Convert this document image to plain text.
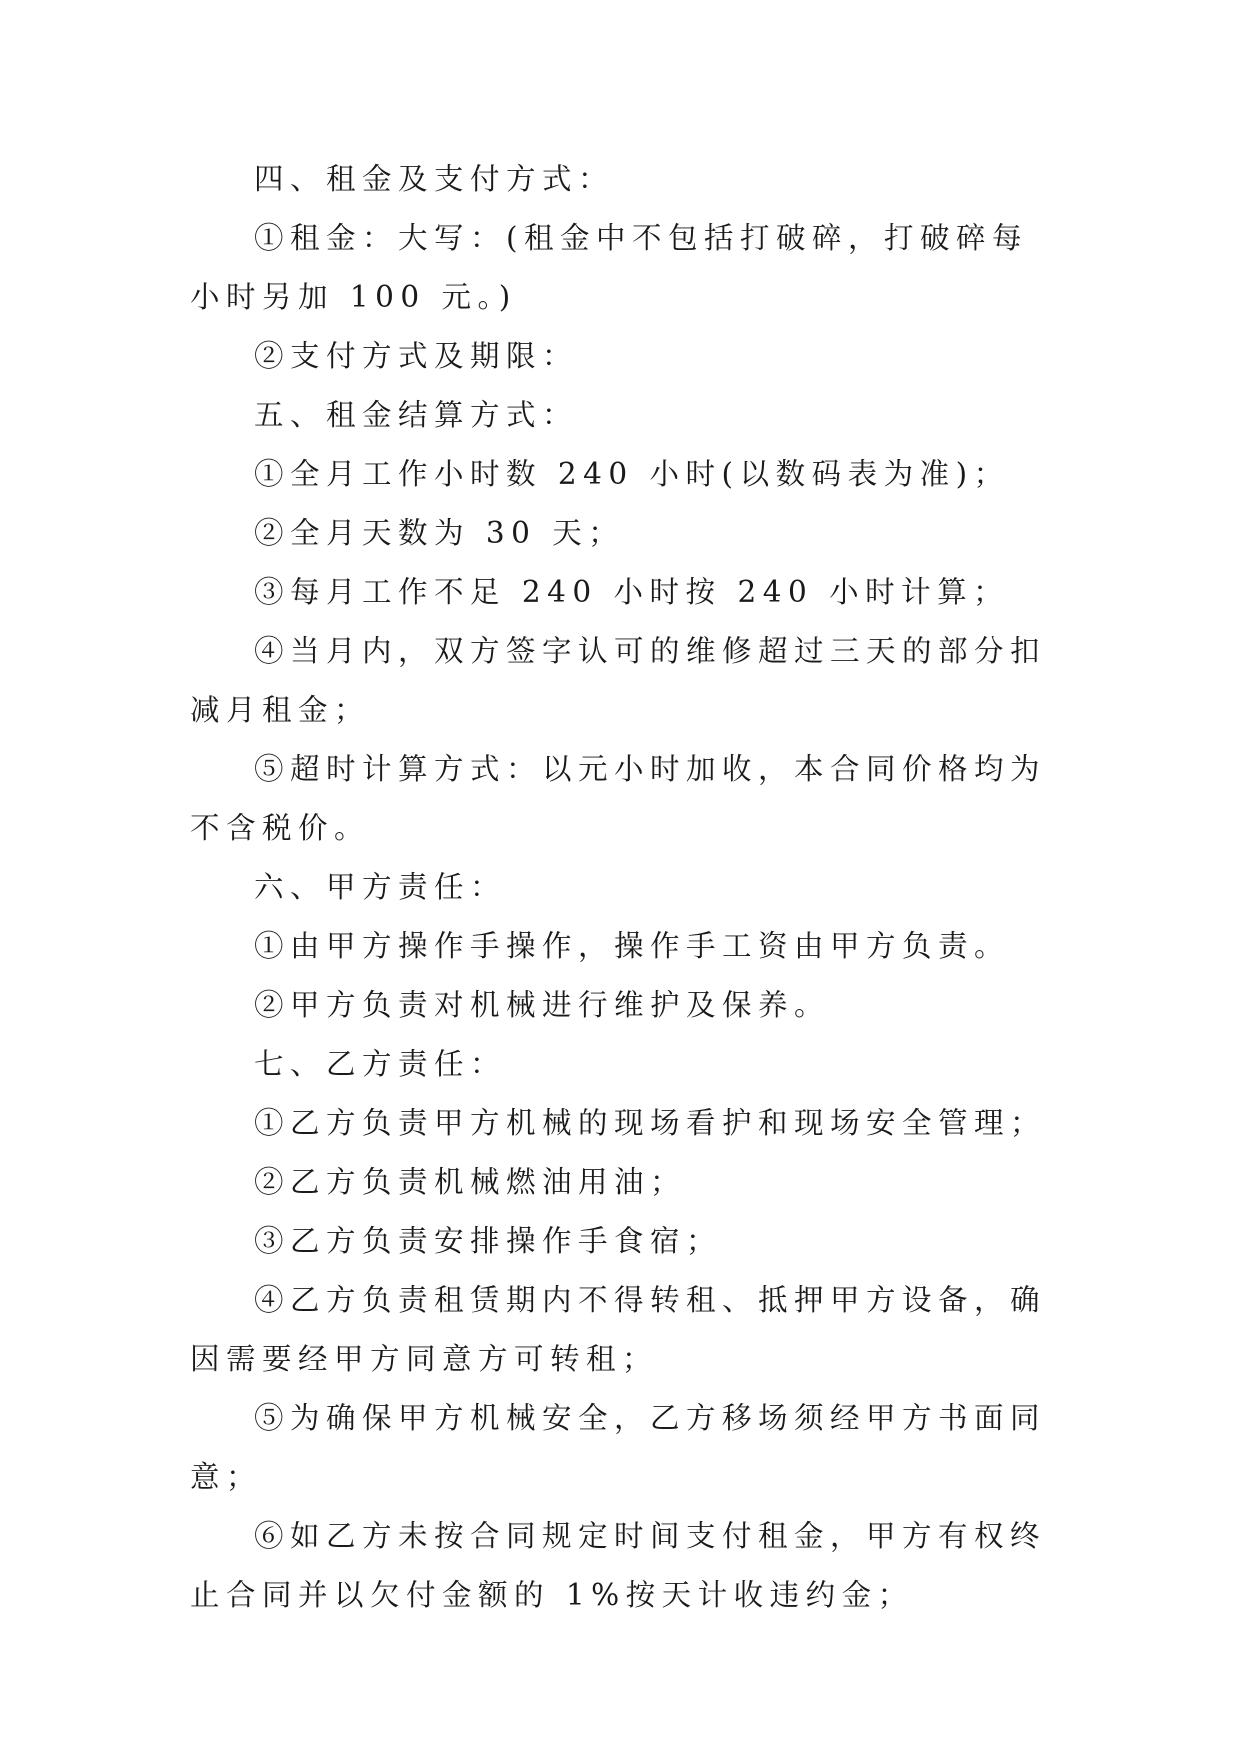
四、租金及支付方式：

①租金：大写：(租金中不包括打破碎，打破碎每小时另加 100 元。)

②支付方式及期限：

五、租金结算方式：

①全月工作小时数 240 小时(以数码表为准)；

②全月天数为 30 天；

③每月工作不足 240 小时按 240 小时计算；

④当月内，双方签字认可的维修超过三天的部分扣减月租金；

⑤超时计算方式：以元小时加收，本合同价格均为不含税价。

六、甲方责任：

①由甲方操作手操作，操作手工资由甲方负责。

②甲方负责对机械进行维护及保养。

七、乙方责任：

①乙方负责甲方机械的现场看护和现场安全管理；

②乙方负责机械燃油用油；

③乙方负责安排操作手食宿；

④乙方负责租赁期内不得转租、抵押甲方设备，确因需要经甲方同意方可转租；

⑤为确保甲方机械安全，乙方移场须经甲方书面同意；

⑥如乙方未按合同规定时间支付租金，甲方有权终止合同并以欠付金额的 1%按天计收违约金；
